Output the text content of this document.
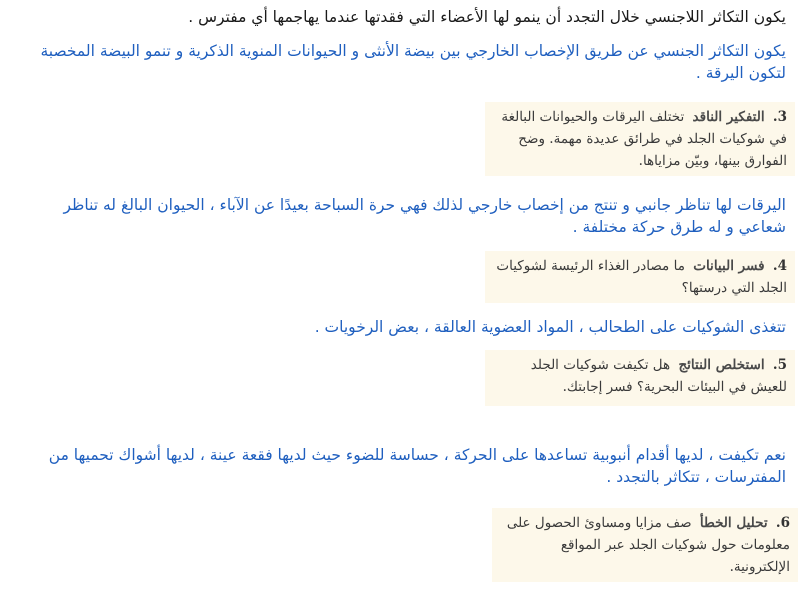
يكون التكاثر اللاجنسي خلال التجدد أن ينمو لها الأعضاء التي فقدتها عندما يهاجمها أي مفترس .

يكون التكاثر الجنسي عن طريق الإخصاب الخارجي بين بيضة الأنثى و الحيوانات المنوية الذكرية و تنمو البيضة المخصبة لتكون اليرقة .

3. التفكير الناقد تختلف اليرقات والحيوانات البالغة في شوكيات الجلد في طرائق عديدة مهمة. وضح الفوارق بينها، وبيّن مزاياها.

اليرقات لها تناظر جانبي و تنتج من إخصاب خارجي لذلك فهي حرة السباحة بعيدًا عن الآباء ، الحيوان البالغ له تناظر شعاعي و له طرق حركة مختلفة .

4. فسر البيانات ما مصادر الغذاء الرئيسة لشوكيات الجلد التي درستها؟

تتغذى الشوكيات على الطحالب ، المواد العضوية العالقة ، بعض الرخويات .

5. استخلص النتائج هل تكيفت شوكيات الجلد للعيش في البيئات البحرية؟ فسر إجابتك.

نعم تكيفت ، لديها أقدام أنبوبية تساعدها على الحركة ، حساسة للضوء حيث لديها فقعة عينة ، لديها أشواك تحميها من المفترسات ، تتكاثر بالتجدد .

6. تحليل الخطأ صف مزايا ومساوئ الحصول على معلومات حول شوكيات الجلد عبر المواقع الإلكترونية.
